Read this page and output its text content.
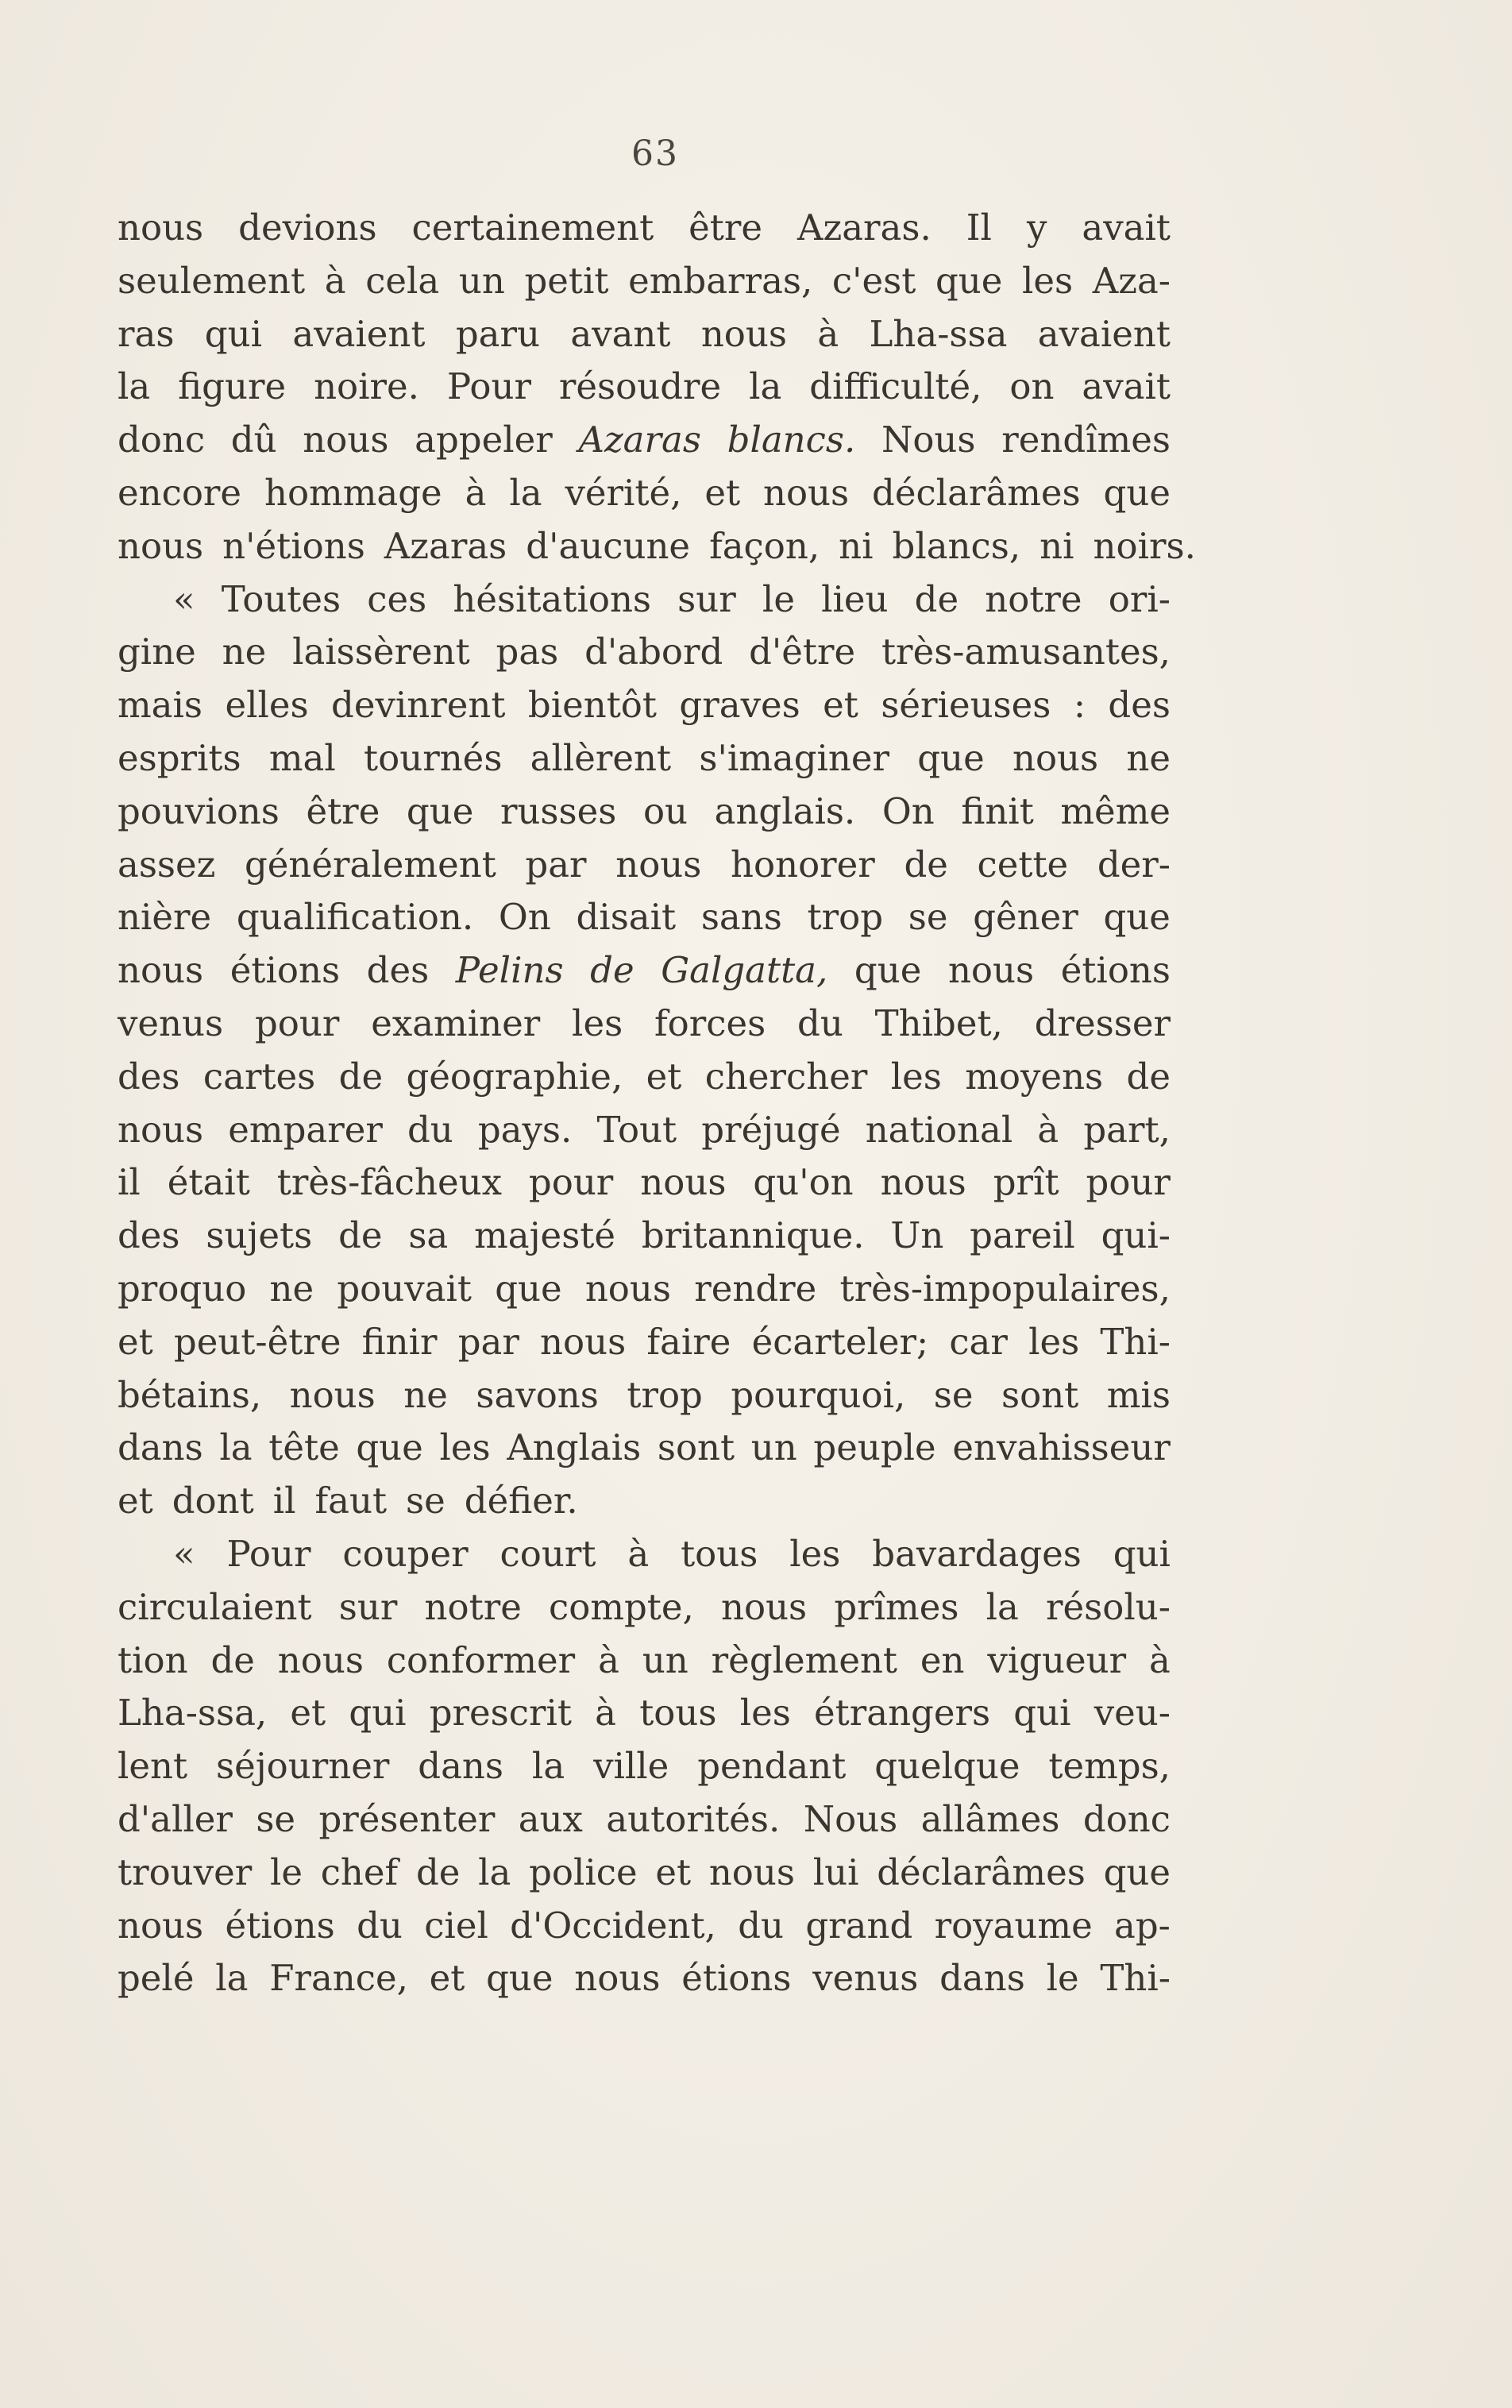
63
nous devions certainement être Azaras. Il y avait
seulement à cela un petit embarras, c'est que les Aza-
ras qui avaient paru avant nous à Lha-ssa avaient
la figure noire. Pour résoudre la difficulté, on avait
donc dû nous appeler Azaras blancs. Nous rendîmes
encore hommage à la vérité, et nous déclarâmes que
nous n'étions Azaras d'aucune façon, ni blancs, ni noirs.
« Toutes ces hésitations sur le lieu de notre ori-
gine ne laissèrent pas d'abord d'être très-amusantes,
mais elles devinrent bientôt graves et sérieuses : des
esprits mal tournés allèrent s'imaginer que nous ne
pouvions être que russes ou anglais. On finit même
assez généralement par nous honorer de cette der-
nière qualification. On disait sans trop se gêner que
nous étions des Pelins de Galgatta, que nous étions
venus pour examiner les forces du Thibet, dresser
des cartes de géographie, et chercher les moyens de
nous emparer du pays. Tout préjugé national à part,
il était très-fâcheux pour nous qu'on nous prît pour
des sujets de sa majesté britannique. Un pareil qui-
proquo ne pouvait que nous rendre très-impopulaires,
et peut-être finir par nous faire écarteler; car les Thi-
bétains, nous ne savons trop pourquoi, se sont mis
dans la tête que les Anglais sont un peuple envahisseur
et dont il faut se défier.
« Pour couper court à tous les bavardages qui
circulaient sur notre compte, nous prîmes la résolu-
tion de nous conformer à un règlement en vigueur à
Lha-ssa, et qui prescrit à tous les étrangers qui veu-
lent séjourner dans la ville pendant quelque temps,
d'aller se présenter aux autorités. Nous allâmes donc
trouver le chef de la police et nous lui déclarâmes que
nous étions du ciel d'Occident, du grand royaume ap-
pelé la France, et que nous étions venus dans le Thi-
